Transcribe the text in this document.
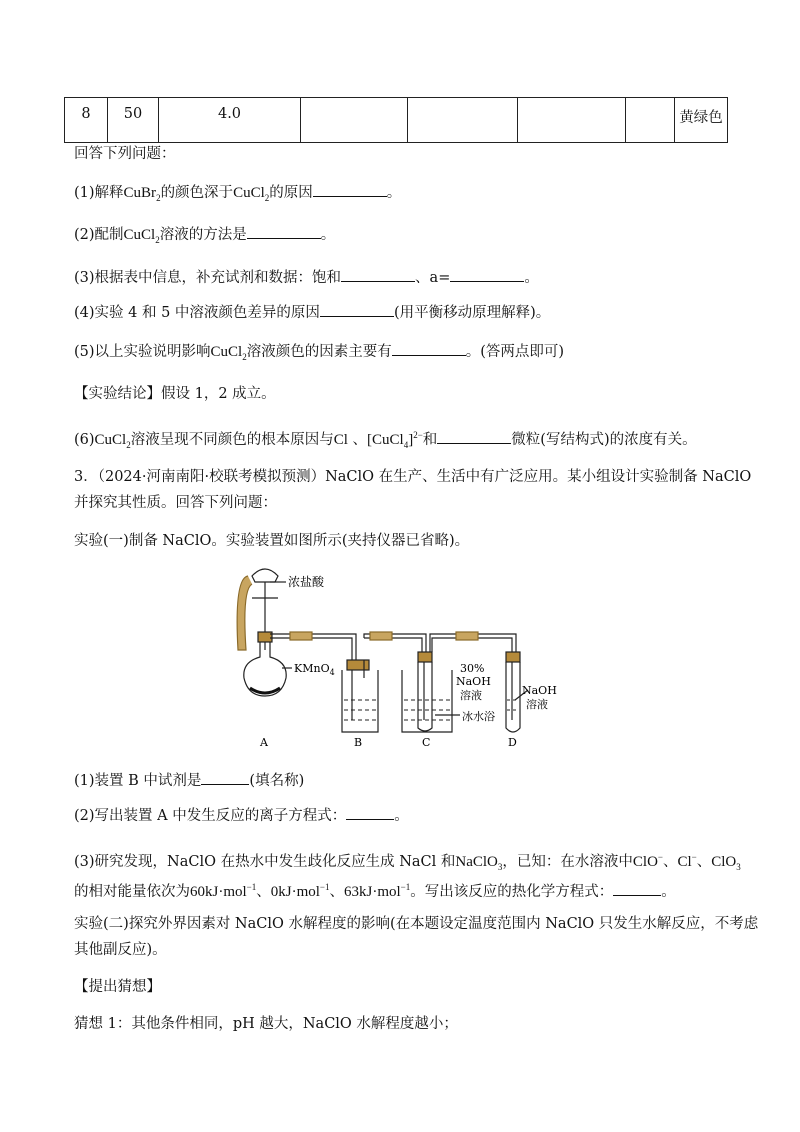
8	50	4.0					黄绿色
回答下列问题：
(1)解释CuBr$_2$的颜色深于CuCl$_2$的原因	。
(2)配制CuCl$_2$溶液的方法是	。
(3)根据表中信息，补充试剂和数据：饱和	、a=	。
(4)实验 4 和 5 中溶液颜色差异的原因	(用平衡移动原理解释)。
(5)以上实验说明影响CuCl$_2$溶液颜色的因素主要有	。(答两点即可)
【实验结论】假设 1，2 成立。
(6)CuCl$_2$溶液呈现不同颜色的根本原因与Cl 、[CuCl$_4$]$^{2-}$和	微粒(写结构式)的浓度有关。
3．（2024·河南南阳·校联考模拟预测）NaClO 在生产、生活中有广泛应用。某小组设计实验制备 NaClO
并探究其性质。回答下列问题：
实验(一)制备 NaClO。实验装置如图所示(夹持仪器已省略)。
浓盐酸
KMnO$_4$	30%
NaOH
溶液
冰水浴
NaOH
溶液
A	B	C	D
(1)装置 B 中试剂是	(填名称)
(2)写出装置 A 中发生反应的离子方程式：	。
(3)研究发现，NaClO 在热水中发生歧化反应生成 NaCl 和NaClO$_3$，已知：在水溶液中ClO−、Cl−、ClO$_3$
的相对能量依次为60kJ·mol$^{-1}$、0kJ·mol$^{-1}$、63kJ·mol$^{-1}$。写出该反应的热化学方程式：	。
实验(二)探究外界因素对 NaClO 水解程度的影响(在本题设定温度范围内 NaClO 只发生水解反应，不考虑
其他副反应)。
【提出猜想】
猜想 1：其他条件相同，pH 越大，NaClO 水解程度越小；
